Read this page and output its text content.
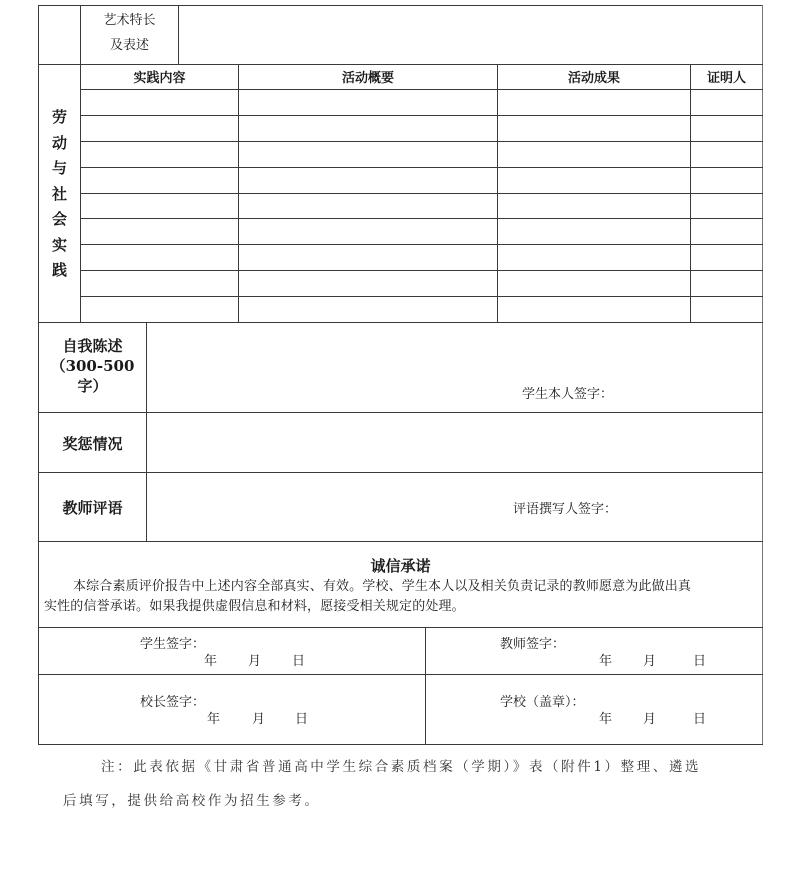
艺术特长
及表述
劳
动
与
社
会
实
践
实践内容	活动概要	活动成果	证明人
自我陈述
（300-500
字）	学生本人签字：
奖惩情况
教师评语	评语撰写人签字：
诚信承诺
本综合素质评价报告中上述内容全部真实、有效。学校、学生本人以及相关负责记录的教师愿意为此做出真
实性的信誉承诺。如果我提供虚假信息和材料，愿接受相关规定的处理。
学生签字：
年 月 日
教师签字：
年 月	日
校长签字：
年 月 日
学校（盖章）：
年 月	日
注：此表依据《甘肃省普通高中学生综合素质档案（学期）》表（附件1）整理、遴选
后填写，提供给高校作为招生参考。
